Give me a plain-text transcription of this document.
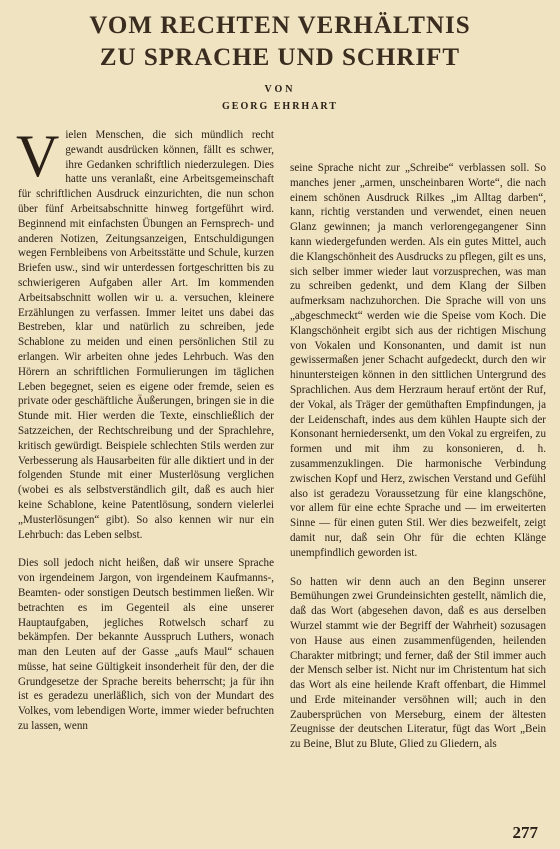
VOM RECHTEN VERHÄLTNIS
ZU SPRACHE UND SCHRIFT
VON
GEORG EHRHART

Vielen Menschen, die sich mündlich recht gewandt ausdrücken können, fällt es schwer, ihre Gedanken schriftlich niederzulegen. Dies hatte uns veranlaßt, eine Arbeitsgemeinschaft für schriftlichen Ausdruck einzurichten, die nun schon über fünf Arbeitsabschnitte hinweg fortgeführt wird. Beginnend mit einfachsten Übungen an Fernsprech- und anderen Notizen, Zeitungsanzeigen, Entschuldigungen wegen Fernbleibens von Arbeitsstätte und Schule, kurzen Briefen usw., sind wir unterdessen fortgeschritten bis zu schwierigeren Aufgaben aller Art. Im kommenden Arbeitsabschnitt wollen wir u. a. versuchen, kleinere Erzählungen zu verfassen. Immer leitet uns dabei das Bestreben, klar und natürlich zu schreiben, jede Schablone zu meiden und einen persönlichen Stil zu erlangen. Wir arbeiten ohne jedes Lehrbuch. Was den Hörern an schriftlichen Formulierungen im täglichen Leben begegnet, seien es eigene oder fremde, seien es private oder geschäftliche Äußerungen, bringen sie in die Stunde mit. Hier werden die Texte, einschließlich der Satzzeichen, der Rechtschreibung und der Sprachlehre, kritisch gewürdigt. Beispiele schlechten Stils werden zur Verbesserung als Hausarbeiten für alle diktiert und in der folgenden Stunde mit einer Musterlösung verglichen (wobei es als selbstverständlich gilt, daß es auch hier keine Schablone, keine Patentlösung, sondern vielerlei „Musterlösungen“ gibt). So also kennen wir nur ein Lehrbuch: das Leben selbst.

Dies soll jedoch nicht heißen, daß wir unsere Sprache von irgendeinem Jargon, von irgendeinem Kaufmanns-, Beamten- oder sonstigen Deutsch bestimmen ließen. Wir betrachten es im Gegenteil als eine unserer Hauptaufgaben, jegliches Rotwelsch scharf zu bekämpfen. Der bekannte Ausspruch Luthers, wonach man den Leuten auf der Gasse „aufs Maul“ schauen müsse, hat seine Gültigkeit insonderheit für den, der die Grundgesetze der Sprache bereits beherrscht; ja für ihn ist es geradezu unerläßlich, sich von der Mundart des Volkes, vom lebendigen Worte, immer wieder befruchten zu lassen, wenn

seine Sprache nicht zur „Schreibe“ verblassen soll. So manches jener „armen, unscheinbaren Worte“, die nach einem schönen Ausdruck Rilkes „im Alltag darben“, kann, richtig verstanden und verwendet, einen neuen Glanz gewinnen; ja manch verlorengegangener Sinn kann wiedergefunden werden. Als ein gutes Mittel, auch die Klangschönheit des Ausdrucks zu pflegen, gilt es uns, sich selber immer wieder laut vorzusprechen, was man zu schreiben gedenkt, und dem Klang der Silben aufmerksam nachzuhorchen. Die Sprache will von uns „abgeschmeckt“ werden wie die Speise vom Koch. Die Klangschönheit ergibt sich aus der richtigen Mischung von Vokalen und Konsonanten, und damit ist nun gewissermaßen jener Schacht aufgedeckt, durch den wir hinuntersteigen können in den sittlichen Untergrund des Sprachlichen. Aus dem Herzraum herauf ertönt der Ruf, der Vokal, als Träger der gemüthaften Empfindungen, ja der Leidenschaft, indes aus dem kühlen Haupte sich der Konsonant herniedersenkt, um den Vokal zu ergreifen, zu formen und mit ihm zu konsonieren, d. h. zusammenzuklingen. Die harmonische Verbindung zwischen Kopf und Herz, zwischen Verstand und Gefühl also ist geradezu Voraussetzung für eine klangschöne, vor allem für eine echte Sprache und — im erweiterten Sinne — für einen guten Stil. Wer dies bezweifelt, zeigt damit nur, daß sein Ohr für die echten Klänge unempfindlich geworden ist.

So hatten wir denn auch an den Beginn unserer Bemühungen zwei Grundeinsichten gestellt, nämlich die, daß das Wort (abgesehen davon, daß es aus derselben Wurzel stammt wie der Begriff der Wahrheit) sozusagen von Hause aus einen zusammenfügenden, heilenden Charakter mitbringt; und ferner, daß der Stil immer auch der Mensch selber ist. Nicht nur im Christentum hat sich das Wort als eine heilende Kraft offenbart, die Himmel und Erde miteinander versöhnen will; auch in den Zaubersprüchen von Merseburg, einem der ältesten Zeugnisse der deutschen Literatur, fügt das Wort „Bein zu Beine, Blut zu Blute, Glied zu Gliedern, als

277
